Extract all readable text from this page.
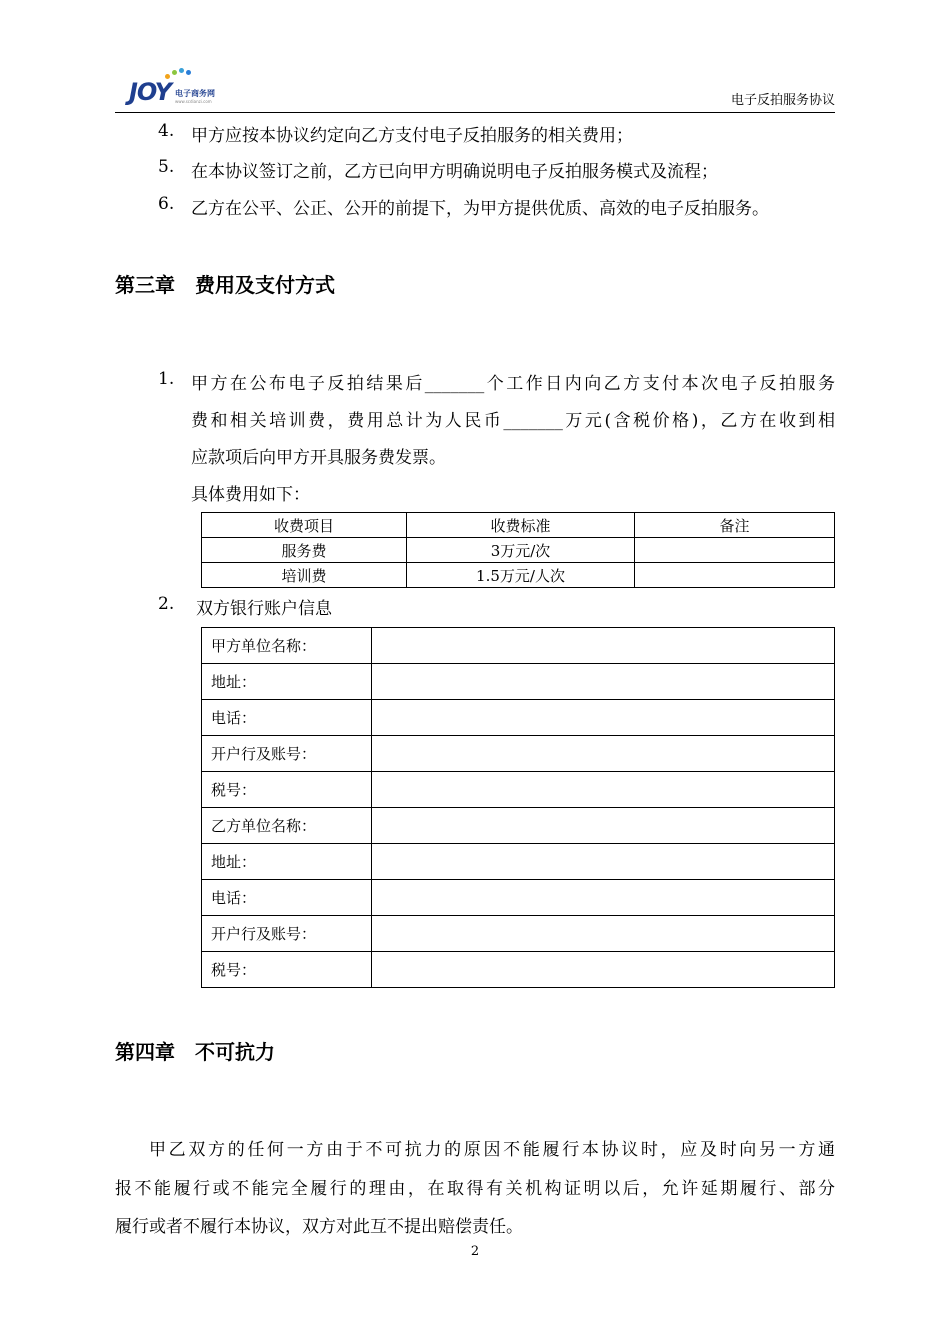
JOY 电子商务网
www.scdianzi.com	电子反拍服务协议
4. 甲方应按本协议约定向乙方支付电子反拍服务的相关费用；
5. 在本协议签订之前，乙方已向甲方明确说明电子反拍服务模式及流程；
6. 乙方在公平、公正、公开的前提下，为甲方提供优质、高效的电子反拍服务。
第三章 费用及支付方式
1. 甲方在公布电子反拍结果后_______个工作日内向乙方支付本次电子反拍服务
费和相关培训费，费用总计为人民币_______万元(含税价格)，乙方在收到相
应款项后向甲方开具服务费发票。
具体费用如下：
收费项目	收费标准	备注
服务费	3万元/次	
培训费	1.5万元/人次	
2. 双方银行账户信息
甲方单位名称：	
地址：	
电话：	
开户行及账号：	
税号：	
乙方单位名称：	
地址：	
电话：	
开户行及账号：	
税号：	
第四章 不可抗力
甲乙双方的任何一方由于不可抗力的原因不能履行本协议时，应及时向另一方通
报不能履行或不能完全履行的理由，在取得有关机构证明以后，允许延期履行、部分
履行或者不履行本协议，双方对此互不提出赔偿责任。
2
